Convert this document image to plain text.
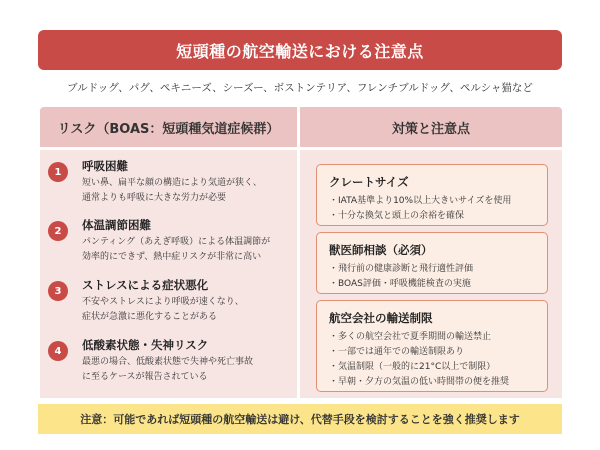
短頭種の航空輸送における注意点
ブルドッグ、パグ、ペキニーズ、シーズー、ボストンテリア、フレンチブルドッグ、ペルシャ猫など
リスク（BOAS：短頭種気道症候群）	対策と注意点
1	呼吸困難
短い鼻、扁平な顔の構造により気道が狭く、
通常よりも呼吸に大きな労力が必要
2	体温調節困難
パンティング（あえぎ呼吸）による体温調節が
効率的にできず、熱中症リスクが非常に高い
3	ストレスによる症状悪化
不安やストレスにより呼吸が速くなり、
症状が急激に悪化することがある
4	低酸素状態・失神リスク
最悪の場合、低酸素状態で失神や死亡事故
に至るケースが報告されている
クレートサイズ
・ IATA基準より10%以上大きいサイズを使用
・ 十分な換気と頭上の余裕を確保
獣医師相談（必須）
・ 飛行前の健康診断と飛行適性評価
・ BOAS評価・呼吸機能検査の実施
航空会社の輸送制限
・ 多くの航空会社で夏季期間の輸送禁止
・ 一部では通年での輸送制限あり
・ 気温制限（一般的に21°C以上で制限）
・ 早朝・夕方の気温の低い時間帯の便を推奨
注意：可能であれば短頭種の航空輸送は避け、代替手段を検討することを強く推奨します
